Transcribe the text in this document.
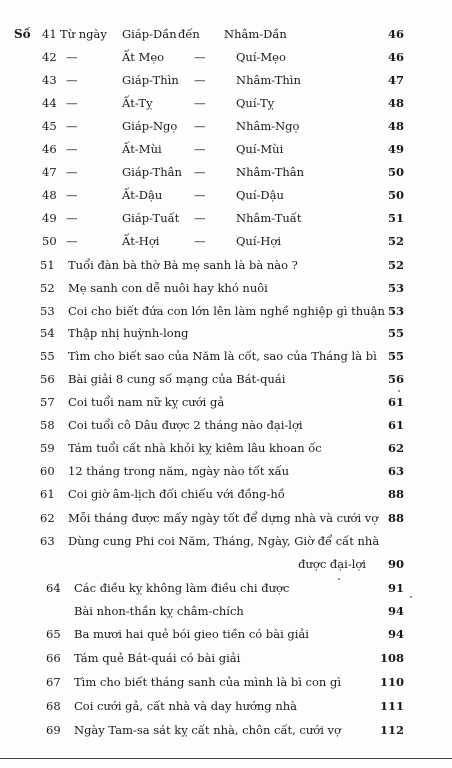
Số 41 Từ ngày Giáp-Dần đến Nhâm-Dần	46
42 —	Ất Mẹo	—	Quí-Mẹo	46
43 —	Giáp-Thìn —	Nhâm-Thìn	47
44 —	Ất-Tỵ	—	Quí-Tỵ	48
45 —	Giáp-Ngọ —	Nhâm-Ngọ	48
46 —	Ất-Mùi	—	Quí-Mùi	49
47 —	Giáp-Thân —	Nhâm-Thân	50
48 —	Ất-Dậu	—	Quí-Dậu	50
49 —	Giáp-Tuất —	Nhâm-Tuất	51
50 —	Ất-Hợi	—	Quí-Hợi	52
51	Tuổi đàn bà thờ Bà mẹ sanh là bà nào ?	52
52	Mẹ sanh con dễ nuôi hay khó nuôi	53
53	Coi cho biết đứa con lớn lên làm nghề nghiệp gì thuận 53
54	Thập nhị huỳnh-long	55
55	Tìm cho biết sao của Năm là cốt, sao của Tháng là bì 55
56	Bài giải 8 cung số mạng của Bát-quái	56
57	Coi tuổi nam nữ kỵ cưới gả	61
58	Coi tuổi cô Dâu được 2 tháng nào đại-lợi	61
59	Tám tuổi cất nhà khỏi kỵ kiêm lâu khoan ốc	62
60	12 tháng trong năm, ngày nào tốt xấu	63
61	Coi giờ âm-lịch đối chiếu với đồng-hồ	88
62	Mỗi tháng được mấy ngày tốt để dựng nhà và cưới vợ 88
63	Dùng cung Phi coi Năm, Tháng, Ngày, Giờ để cất nhà
được đại-lợi	90
64	Các điều kỵ không làm điều chi được	91
Bài nhon-thần kỵ châm-chích	94
65	Ba mươi hai quẻ bói gieo tiền có bài giải	94
66	Tám quẻ Bát-quái có bài giải	108
67	Tìm cho biết tháng sanh của mình là bì con gì	110
68	Coi cưới gả, cất nhà và day hướng nhà	111
69	Ngày Tam-sa sát kỵ cất nhà, chôn cất, cưới vợ	112
